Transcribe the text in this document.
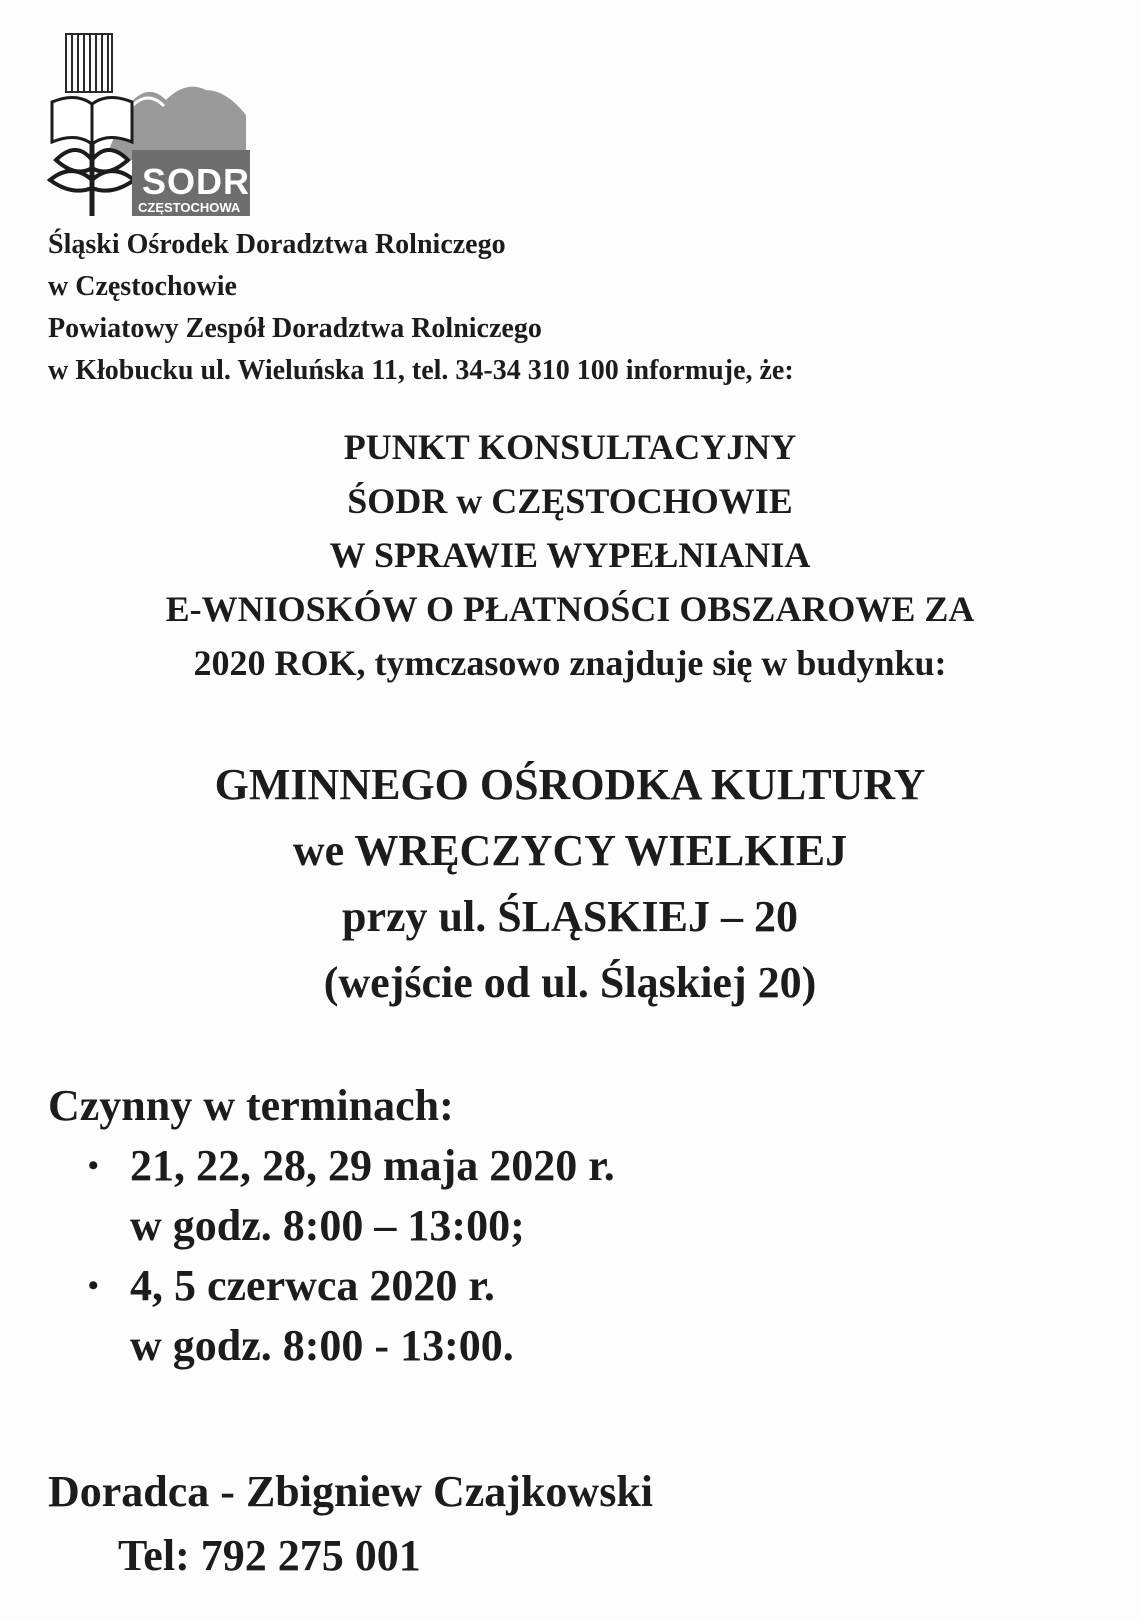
SODR
CZĘSTOCHOWA
Śląski Ośrodek Doradztwa Rolniczego
w Częstochowie
Powiatowy Zespół Doradztwa Rolniczego
w Kłobucku ul. Wieluńska 11, tel. 34-34 310 100 informuje, że:
PUNKT KONSULTACYJNY
ŚODR w CZĘSTOCHOWIE
W SPRAWIE WYPEŁNIANIA
E-WNIOSKÓW O PŁATNOŚCI OBSZAROWE ZA
2020 ROK, tymczasowo znajduje się w budynku:
GMINNEGO OŚRODKA KULTURY
we WRĘCZYCY WIELKIEJ
przy ul. ŚLĄSKIEJ – 20
(wejście od ul. Śląskiej 20)
Czynny w terminach:
• 21, 22, 28, 29 maja 2020 r.
w godz. 8:00 – 13:00;
• 4, 5 czerwca 2020 r.
w godz. 8:00 - 13:00.
Doradca - Zbigniew Czajkowski
Tel: 792 275 001
